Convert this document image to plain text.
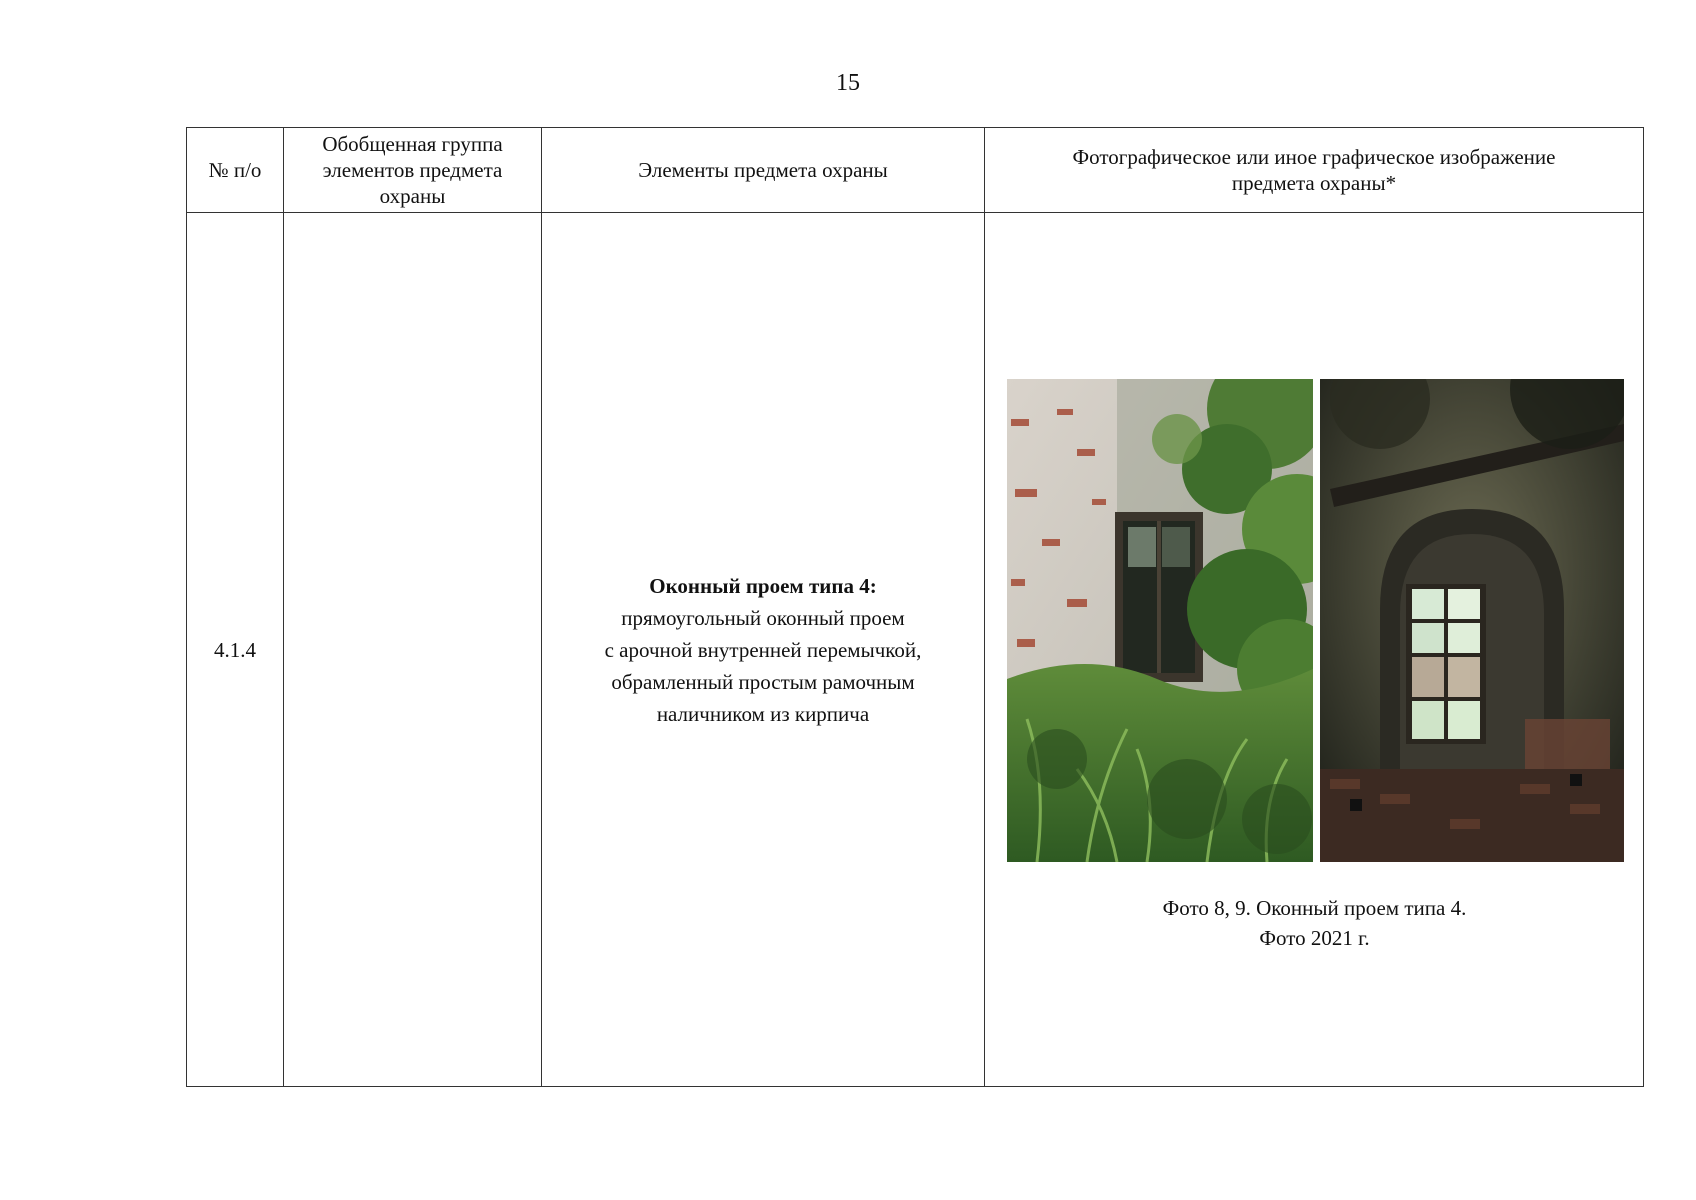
15
№ п/о	Обобщенная группа
элементов предмета
охраны	Элементы предмета охраны	Фотографическое или иное графическое изображение
предмета охраны*

4.1.4		Оконный проем типа 4:
прямоугольный оконный проем
с арочной внутренней перемычкой,
обрамленный простым рамочным
наличником из кирпича	Фото 8, 9. Оконный проем типа 4.
Фото 2021 г.
